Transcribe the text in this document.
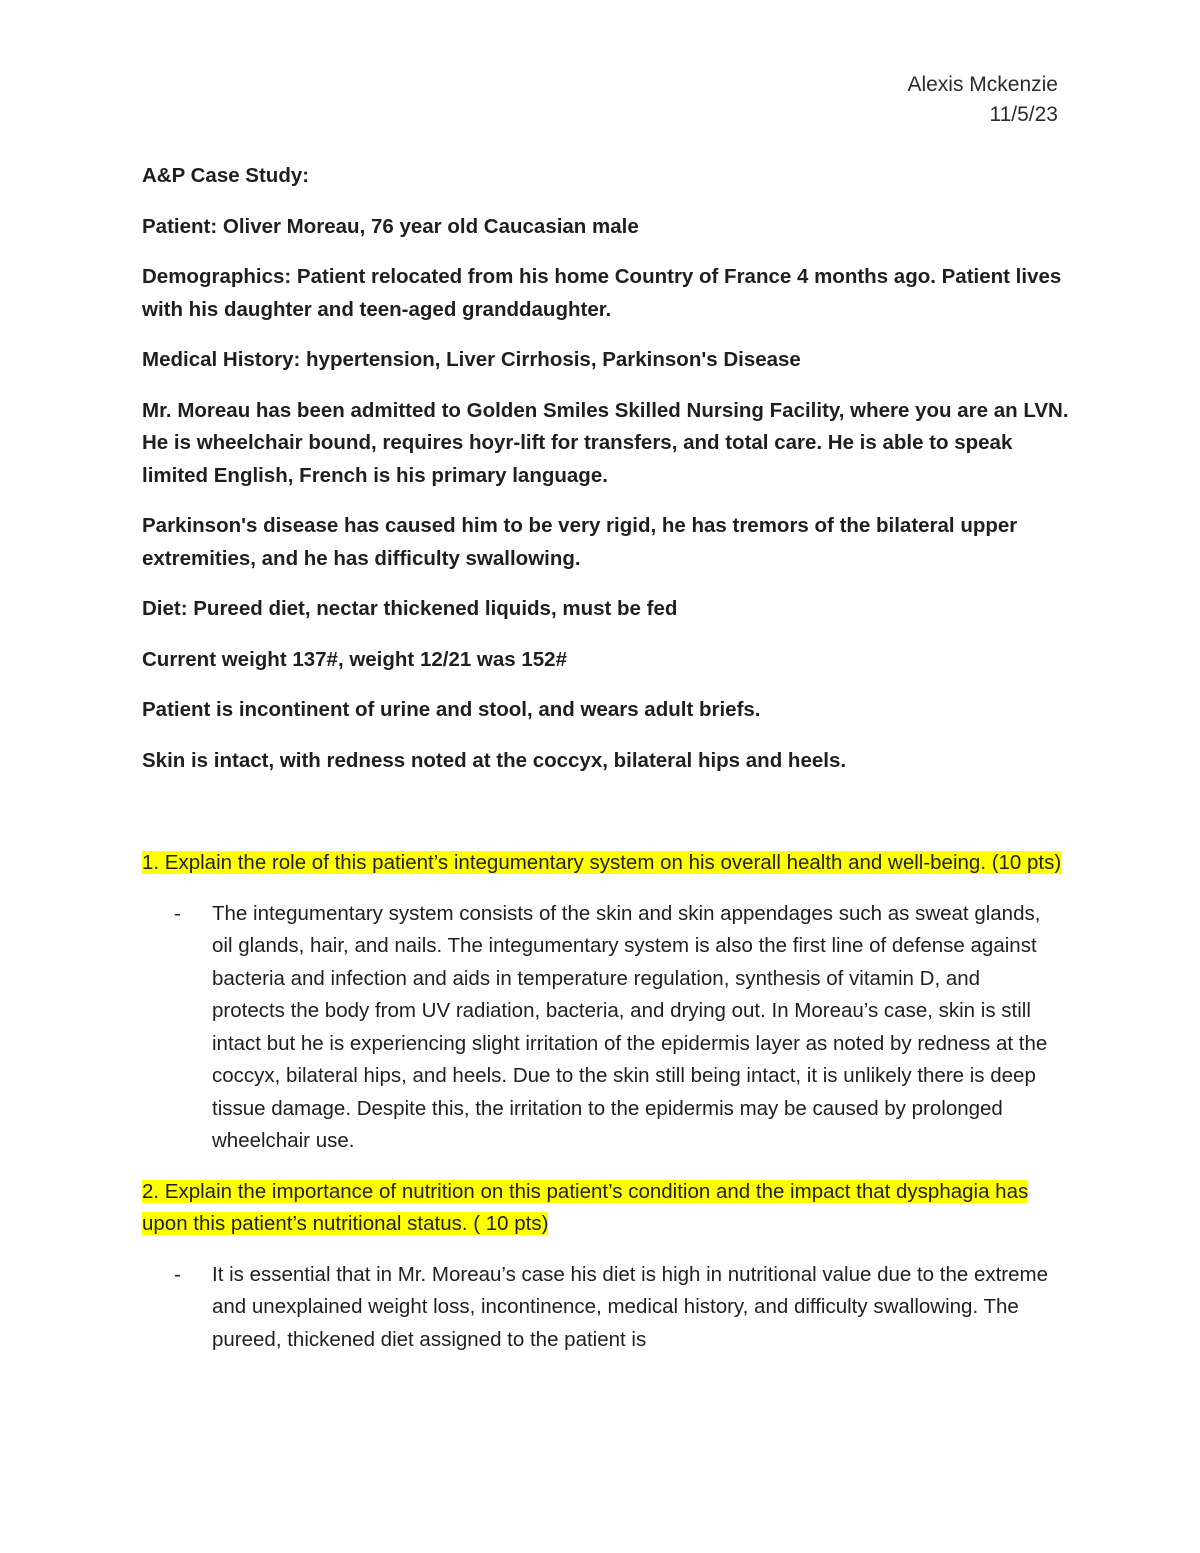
Alexis Mckenzie
11/5/23

A&P Case Study:

Patient: Oliver Moreau, 76 year old Caucasian male

Demographics: Patient relocated from his home Country of France 4 months ago. Patient lives with his daughter and teen-aged granddaughter.

Medical History: hypertension, Liver Cirrhosis, Parkinson's Disease

Mr. Moreau has been admitted to Golden Smiles Skilled Nursing Facility, where you are an LVN. He is wheelchair bound, requires hoyr-lift for transfers, and total care. He is able to speak limited English, French is his primary language.

Parkinson's disease has caused him to be very rigid, he has tremors of the bilateral upper extremities, and he has difficulty swallowing.

Diet: Pureed diet, nectar thickened liquids, must be fed

Current weight 137#, weight 12/21 was 152#

Patient is incontinent of urine and stool, and wears adult briefs.

Skin is intact, with redness noted at the coccyx, bilateral hips and heels.

1. Explain the role of this patient’s integumentary system on his overall health and well-being. (10 pts)

-	The integumentary system consists of the skin and skin appendages such as sweat glands, oil glands, hair, and nails. The integumentary system is also the first line of defense against bacteria and infection and aids in temperature regulation, synthesis of vitamin D, and protects the body from UV radiation, bacteria, and drying out. In Moreau’s case, skin is still intact but he is experiencing slight irritation of the epidermis layer as noted by redness at the coccyx, bilateral hips, and heels. Due to the skin still being intact, it is unlikely there is deep tissue damage. Despite this, the irritation to the epidermis may be caused by prolonged wheelchair use.

2. Explain the importance of nutrition on this patient’s condition and the impact that dysphagia has upon this patient’s nutritional status. ( 10 pts)

-	It is essential that in Mr. Moreau’s case his diet is high in nutritional value due to the extreme and unexplained weight loss, incontinence, medical history, and difficulty swallowing. The pureed, thickened diet assigned to the patient is
